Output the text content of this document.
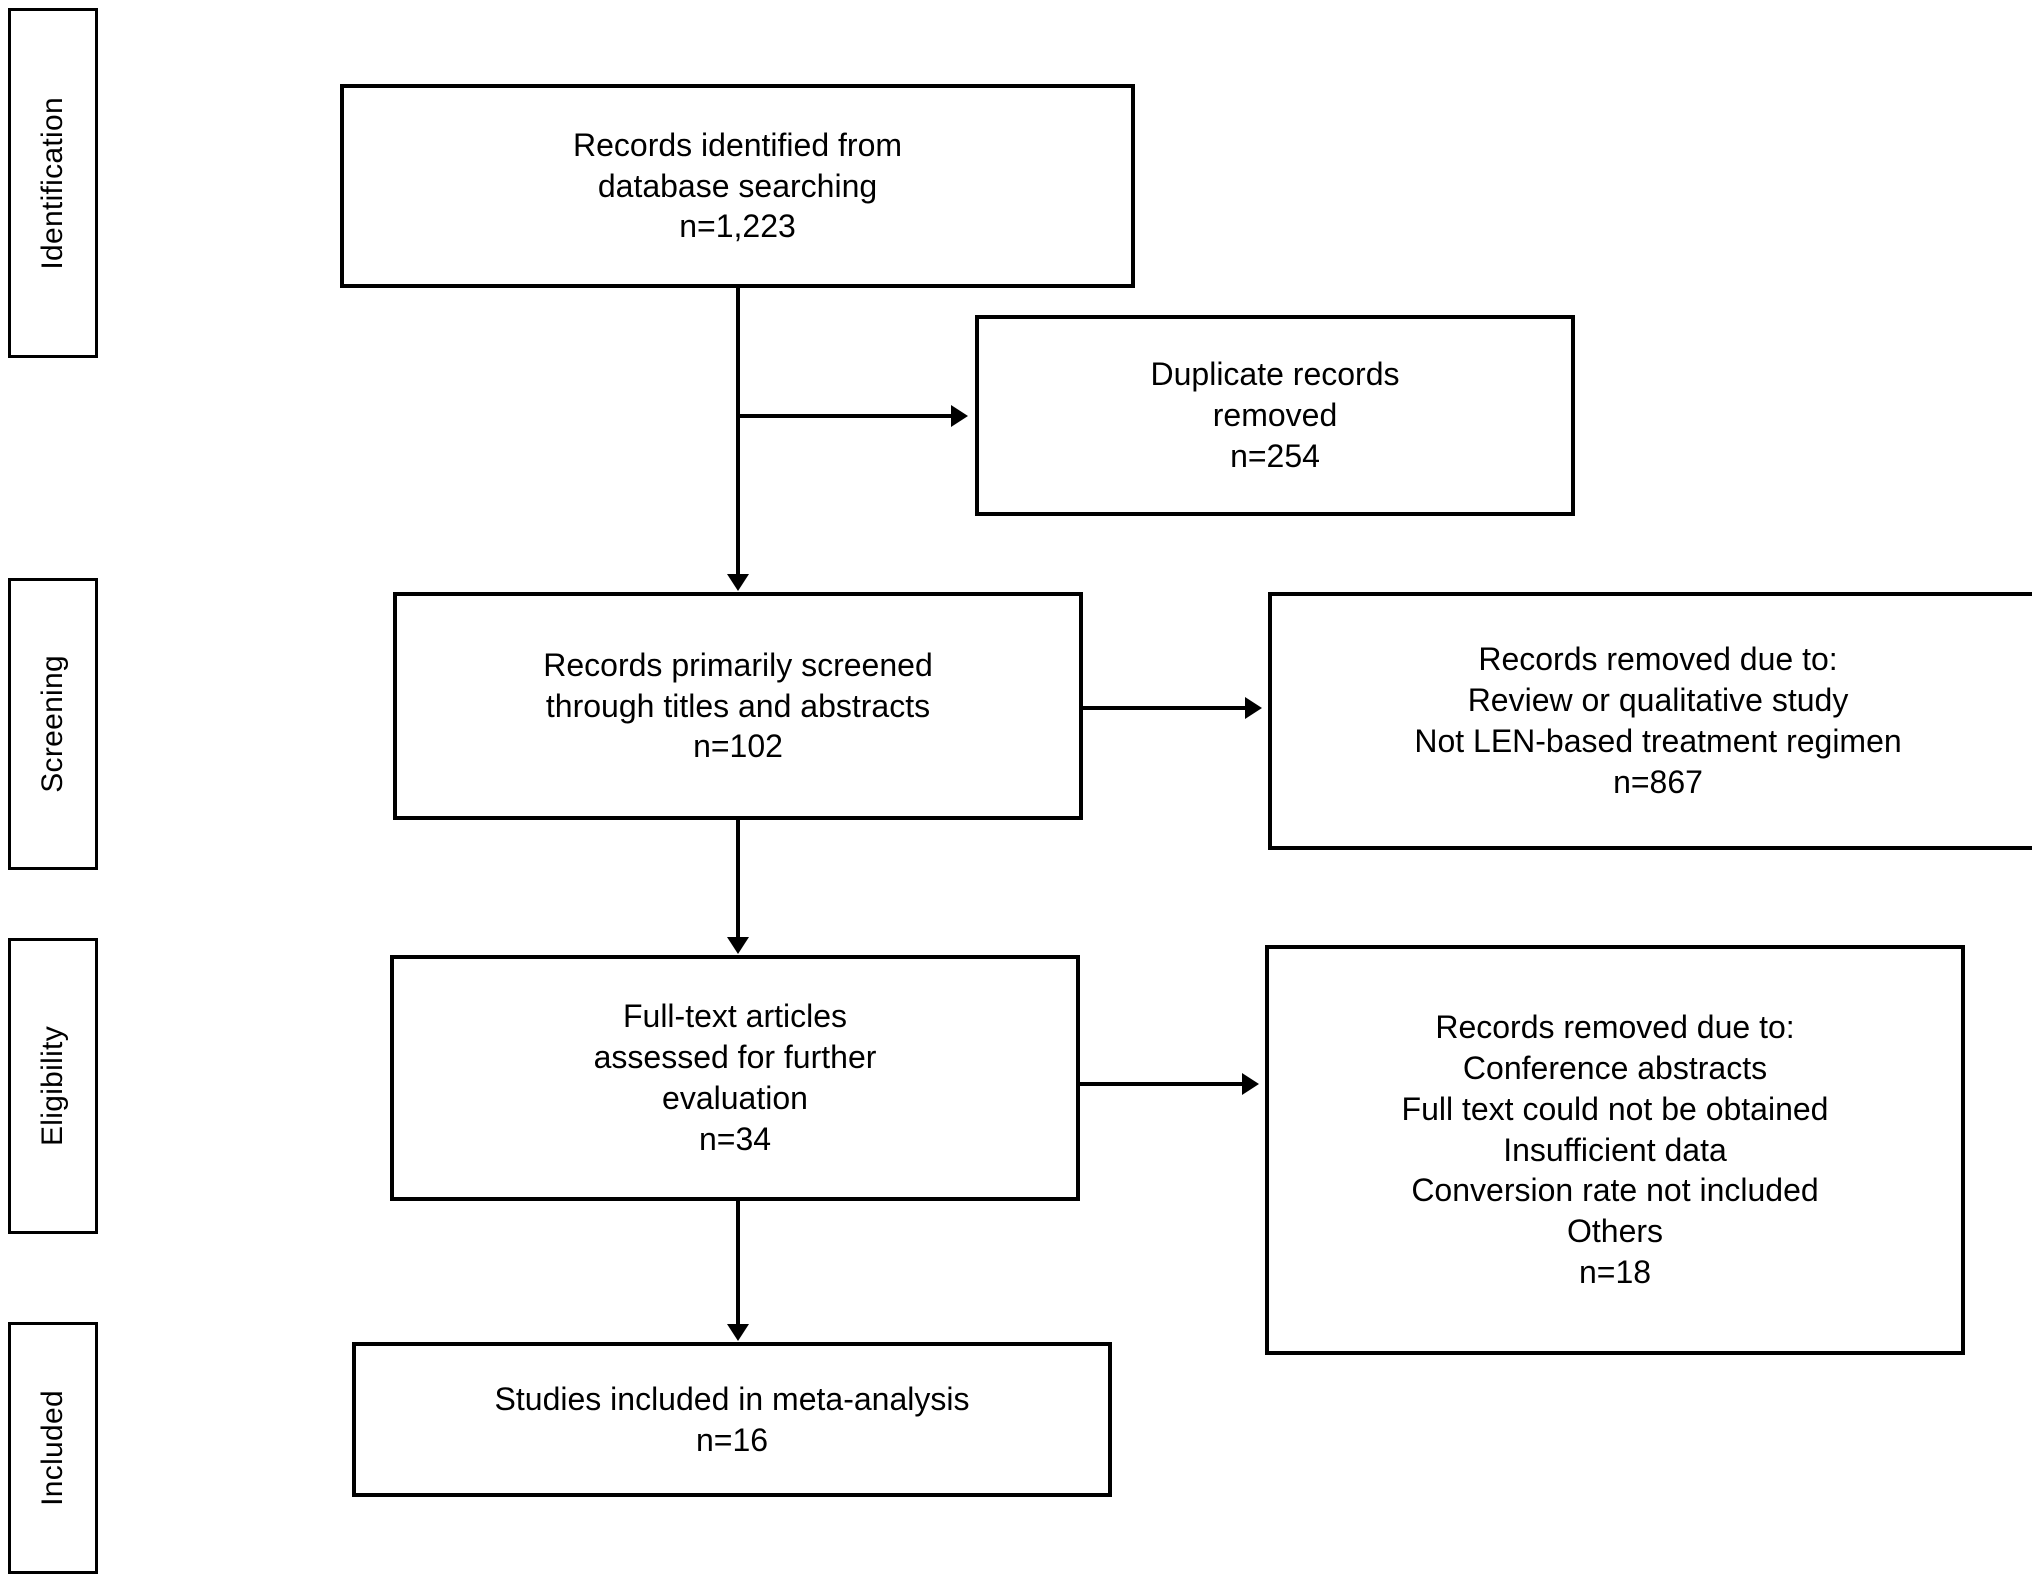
Identification
Screening
Eligibility
Included
Records identified from
database searching
n=1,223
Duplicate records
removed
n=254
Records primarily screened
through titles and abstracts
n=102
Records removed due to:
Review or qualitative study
Not LEN-based treatment regimen
n=867
Full-text articles
assessed for further
evaluation
n=34
Records removed due to:
Conference abstracts
Full text could not be obtained
Insufficient data
Conversion rate not included
Others
n=18
Studies included in meta-analysis
n=16
